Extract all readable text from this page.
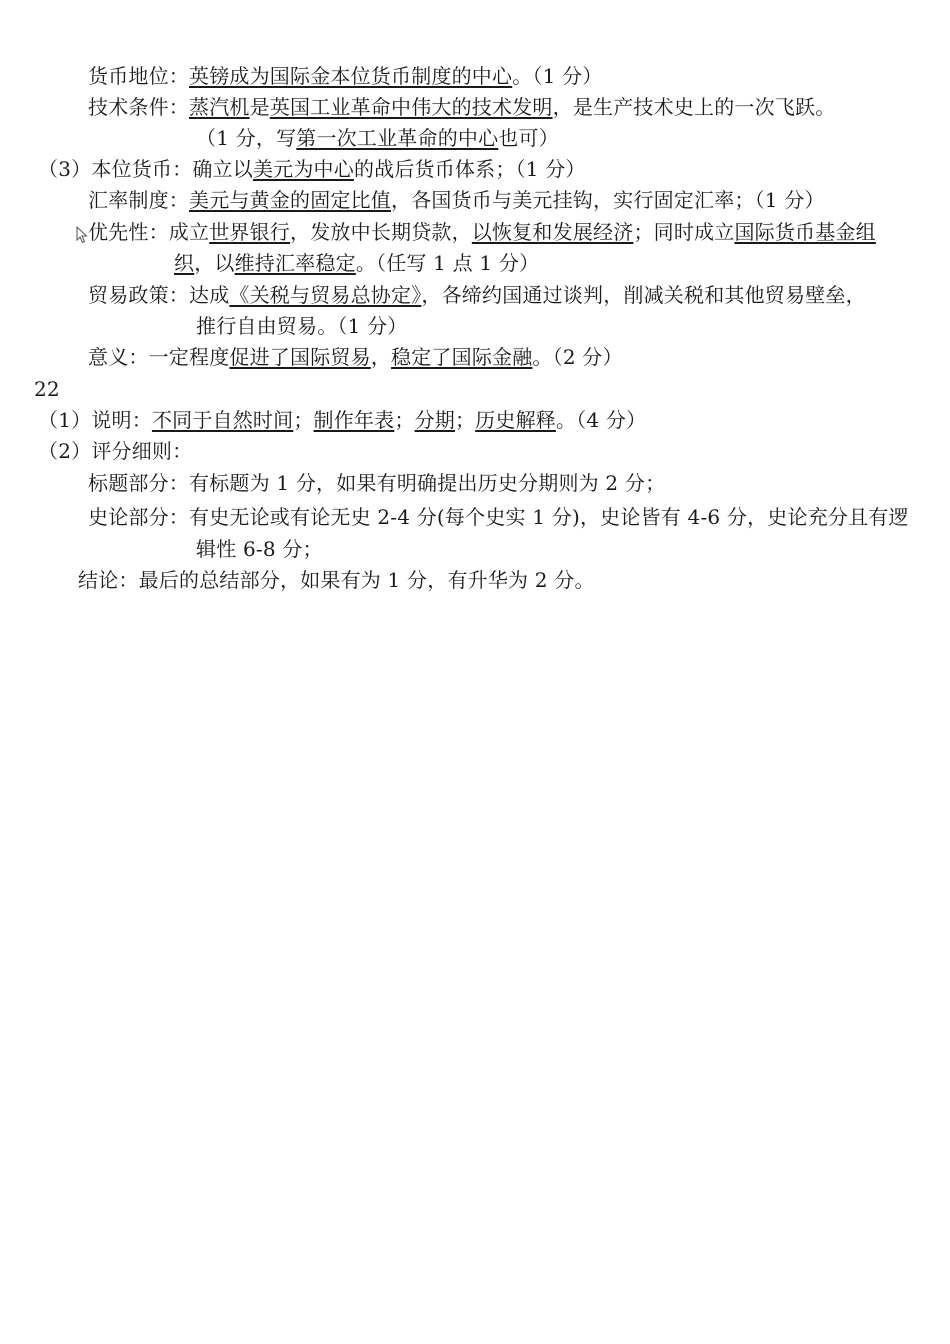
货币地位：英镑成为国际金本位货币制度的中心。（1 分）
技术条件：蒸汽机是英国工业革命中伟大的技术发明，是生产技术史上的一次飞跃。
（1 分，写第一次工业革命的中心也可）
（3）本位货币：确立以美元为中心的战后货币体系；（1 分）
汇率制度：美元与黄金的固定比值，各国货币与美元挂钩，实行固定汇率；（1 分）
优先性：成立世界银行，发放中长期贷款，以恢复和发展经济；同时成立国际货币基金组
织，以维持汇率稳定。（任写 1 点 1 分）
贸易政策：达成《关税与贸易总协定》，各缔约国通过谈判，削减关税和其他贸易壁垒，
推行自由贸易。（1 分）
意义：一定程度促进了国际贸易，稳定了国际金融。（2 分）
22
（1）说明：不同于自然时间；制作年表；分期；历史解释。（4 分）
（2）评分细则：
标题部分：有标题为 1 分，如果有明确提出历史分期则为 2 分；
史论部分：有史无论或有论无史 2-4 分(每个史实 1 分)，史论皆有 4-6 分，史论充分且有逻
辑性 6-8 分；
结论：最后的总结部分，如果有为 1 分，有升华为 2 分。
